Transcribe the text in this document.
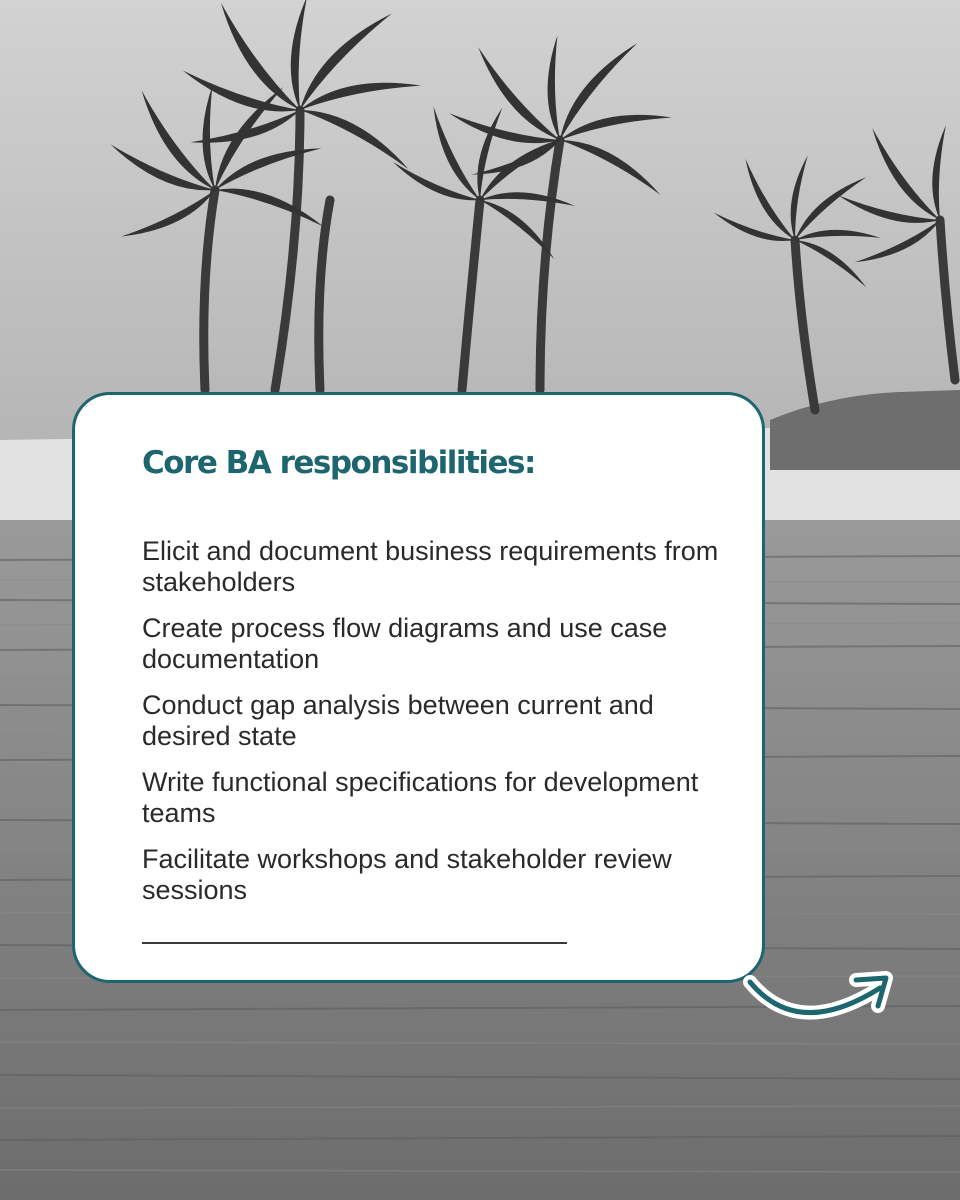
Core BA responsibilities:
Elicit and document business requirements from stakeholders
Create process flow diagrams and use case documentation
Conduct gap analysis between current and desired state
Write functional specifications for development teams
Facilitate workshops and stakeholder review sessions
